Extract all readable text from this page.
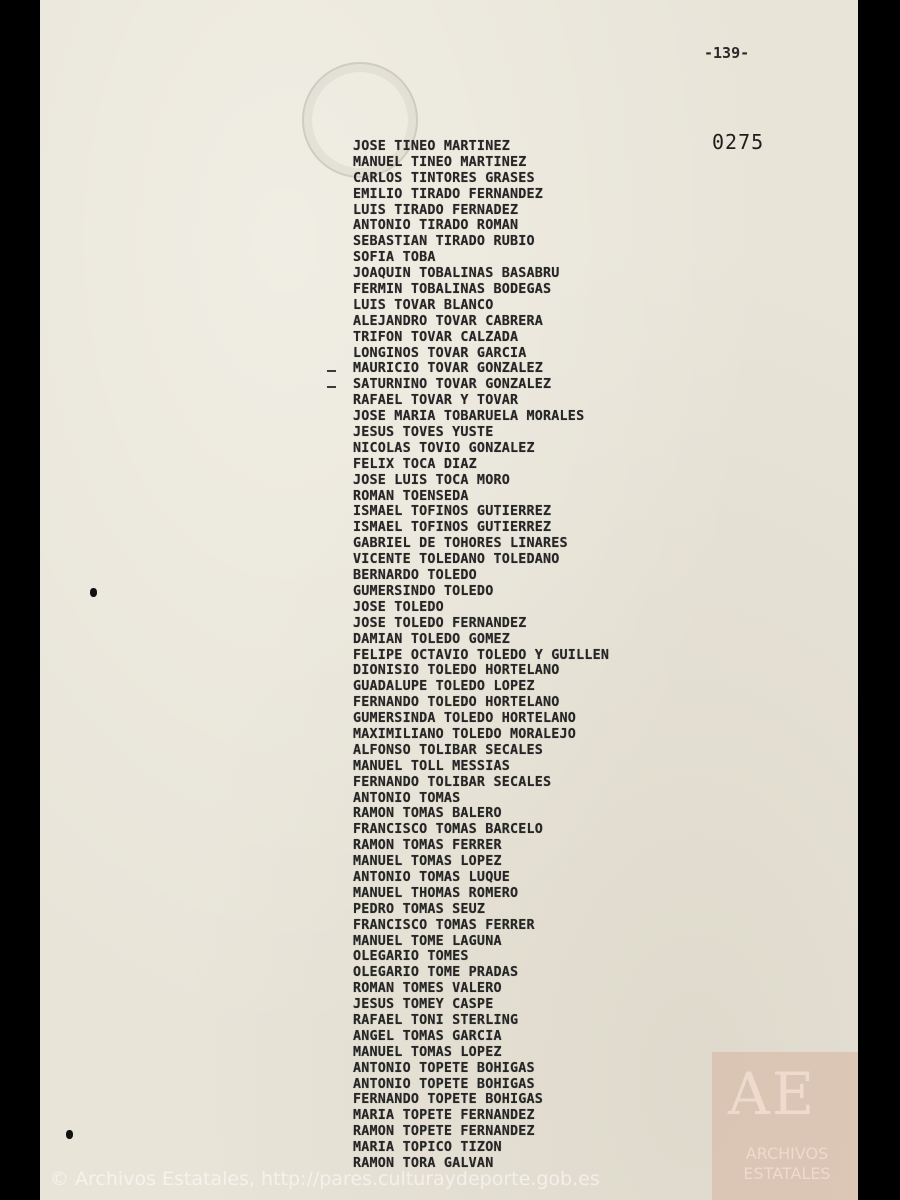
-139-
0275
JOSE TINEO MARTINEZ
MANUEL TINEO MARTINEZ
CARLOS TINTORES GRASES
EMILIO TIRADO FERNANDEZ
LUIS TIRADO FERNADEZ
ANTONIO TIRADO ROMAN
SEBASTIAN TIRADO RUBIO
SOFIA TOBA
JOAQUIN TOBALINAS BASABRU
FERMIN TOBALINAS BODEGAS
LUIS TOVAR BLANCO
ALEJANDRO TOVAR CABRERA
TRIFON TOVAR CALZADA
LONGINOS TOVAR GARCIA
MAURICIO TOVAR GONZALEZ
SATURNINO TOVAR GONZALEZ
RAFAEL TOVAR Y TOVAR
JOSE MARIA TOBARUELA MORALES
JESUS TOVES YUSTE
NICOLAS TOVIO GONZALEZ
FELIX TOCA DIAZ
JOSE LUIS TOCA MORO
ROMAN TOENSEDA
ISMAEL TOFINOS GUTIERREZ
ISMAEL TOFINOS GUTIERREZ
GABRIEL DE TOHORES LINARES
VICENTE TOLEDANO TOLEDANO
BERNARDO TOLEDO
GUMERSINDO TOLEDO
JOSE TOLEDO
JOSE TOLEDO FERNANDEZ
DAMIAN TOLEDO GOMEZ
FELIPE OCTAVIO TOLEDO Y GUILLEN
DIONISIO TOLEDO HORTELANO
GUADALUPE TOLEDO LOPEZ
FERNANDO TOLEDO HORTELANO
GUMERSINDA TOLEDO HORTELANO
MAXIMILIANO TOLEDO MORALEJO
ALFONSO TOLIBAR SECALES
MANUEL TOLL MESSIAS
FERNANDO TOLIBAR SECALES
ANTONIO TOMAS
RAMON TOMAS BALERO
FRANCISCO TOMAS BARCELO
RAMON TOMAS FERRER
MANUEL TOMAS LOPEZ
ANTONIO TOMAS LUQUE
MANUEL THOMAS ROMERO
PEDRO TOMAS SEUZ
FRANCISCO TOMAS FERRER
MANUEL TOME LAGUNA
OLEGARIO TOMES
OLEGARIO TOME PRADAS
ROMAN TOMES VALERO
JESUS TOMEY CASPE
RAFAEL TONI STERLING
ANGEL TOMAS GARCIA
MANUEL TOMAS LOPEZ
ANTONIO TOPETE BOHIGAS
ANTONIO TOPETE BOHIGAS
FERNANDO TOPETE BOHIGAS
MARIA TOPETE FERNANDEZ
RAMON TOPETE FERNANDEZ
MARIA TOPICO TIZON
RAMON TORA GALVAN
AE
ARCHIVOS
ESTATALES
© Archivos Estatales, http://pares.culturaydeporte.gob.es
